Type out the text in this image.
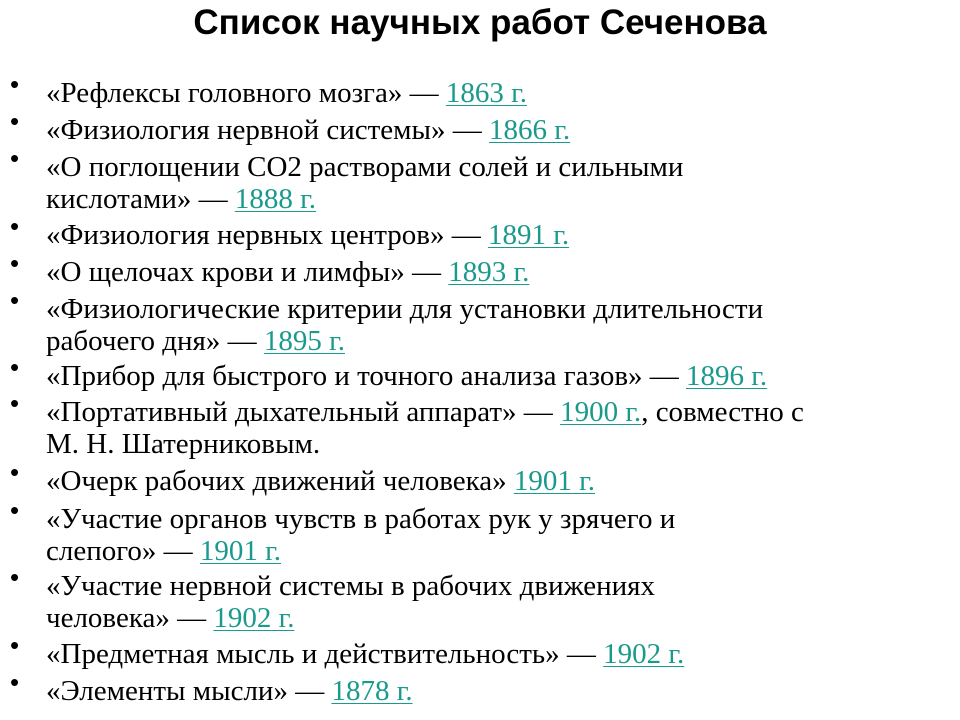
Список научных работ Сеченова
• «Рефлексы головного мозга» — 1863 г.
• «Физиология нервной системы» — 1866 г.
• «О поглощении CO2 растворами солей и сильными
кислотами» — 1888 г.
• «Физиология нервных центров» — 1891 г.
• «О щелочах крови и лимфы» — 1893 г.
• «Физиологические критерии для установки длительности
рабочего дня» — 1895 г.
• «Прибор для быстрого и точного анализа газов» — 1896 г.
• «Портативный дыхательный аппарат» — 1900 г., совместно с
М. Н. Шатерниковым.
• «Очерк рабочих движений человека» 1901 г.
• «Участие органов чувств в работах рук у зрячего и
слепого» — 1901 г.
• «Участие нервной системы в рабочих движениях
человека» — 1902 г.
• «Предметная мысль и действительность» — 1902 г.
• «Элементы мысли» — 1878 г.
